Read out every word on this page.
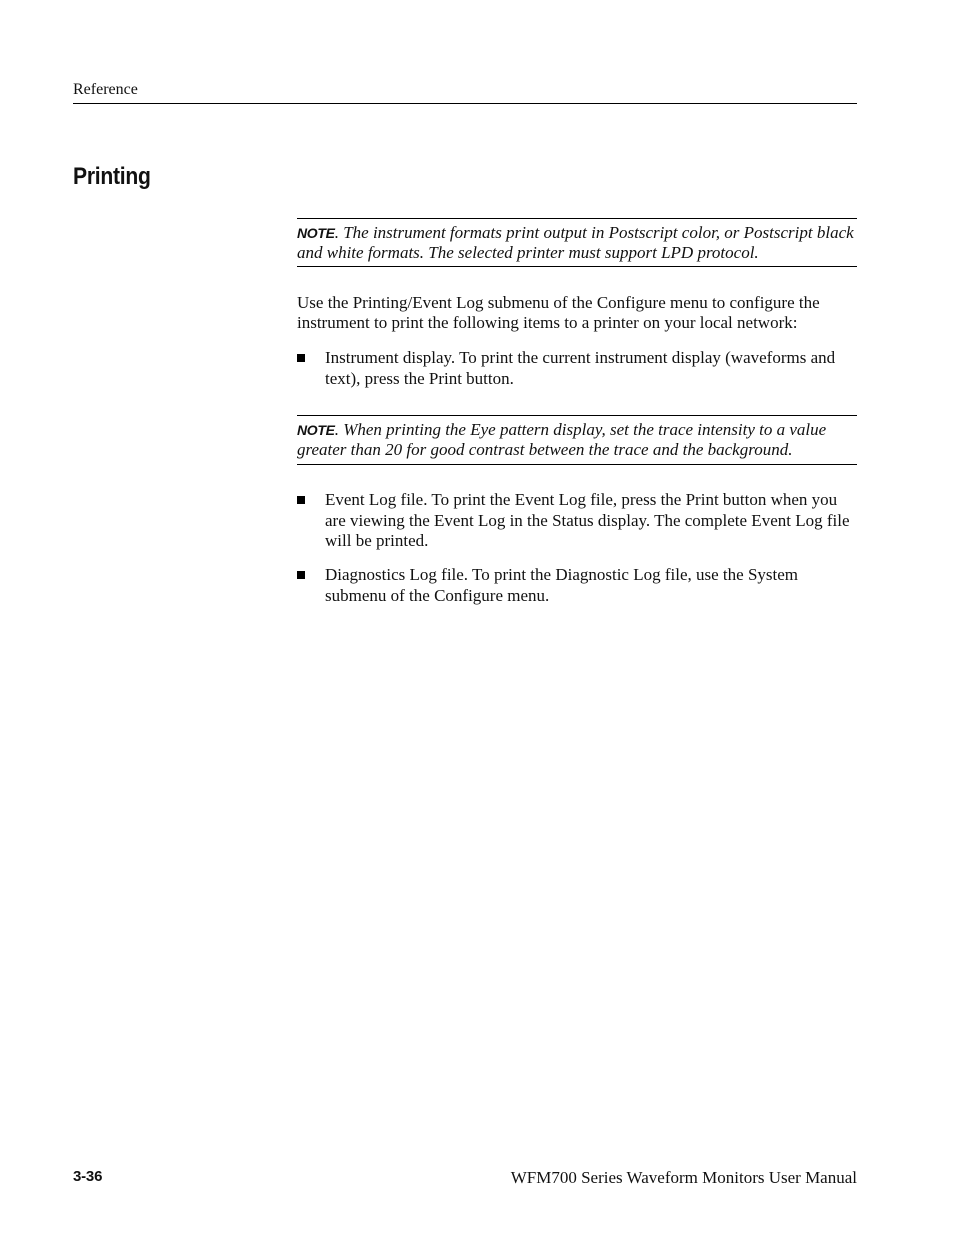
Reference
Printing
NOTE. The instrument formats print output in Postscript color, or Postscript black and white formats. The selected printer must support LPD protocol.
Use the Printing/Event Log submenu of the Configure menu to configure the instrument to print the following items to a printer on your local network:
Instrument display. To print the current instrument display (waveforms and text), press the Print button.
NOTE. When printing the Eye pattern display, set the trace intensity to a value greater than 20 for good contrast between the trace and the background.
Event Log file. To print the Event Log file, press the Print button when you are viewing the Event Log in the Status display. The complete Event Log file will be printed.
Diagnostics Log file. To print the Diagnostic Log file, use the System submenu of the Configure menu.
3-36	WFM700 Series Waveform Monitors User Manual
